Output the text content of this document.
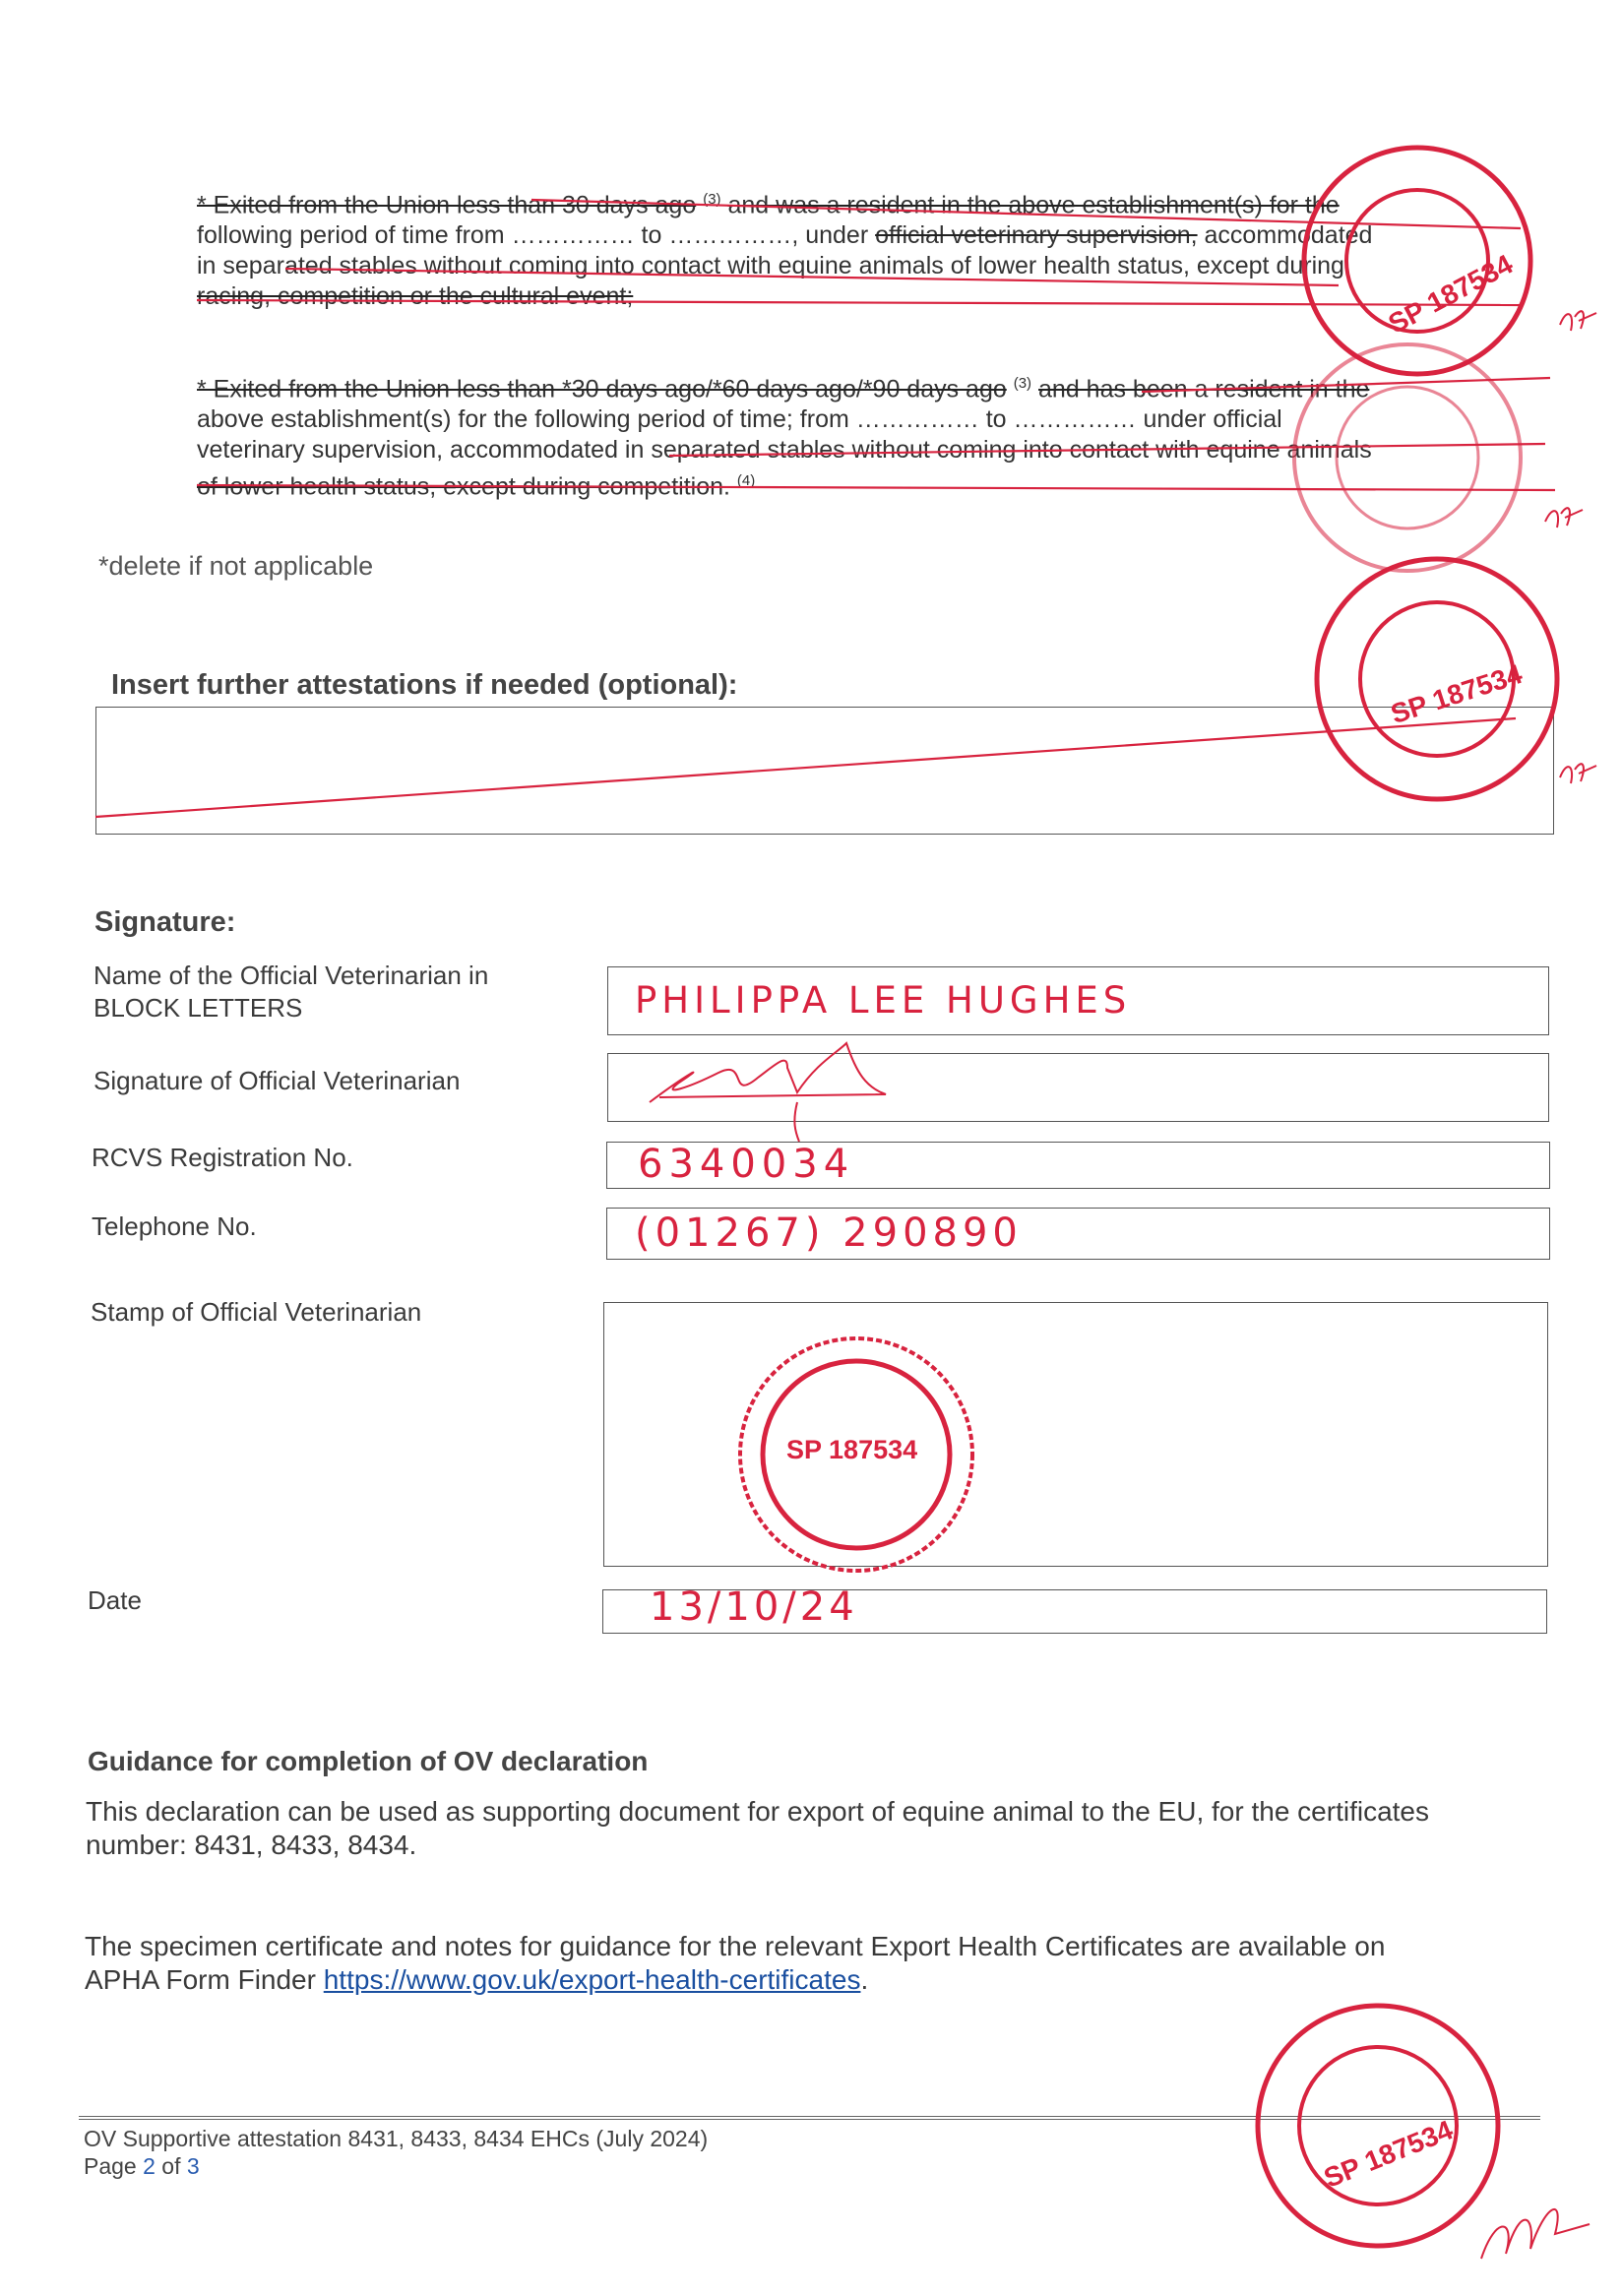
* Exited from the Union less than 30 days ago $^{(3)}$ and was a resident in the above establishment(s) for the
following period of time from …………… to ……………, under official veterinary supervision, accommodated
in separated stables without coming into contact with equine animals of lower health status, except during
racing, competition or the cultural event;
* Exited from the Union less than *30 days ago/*60 days ago/*90 days ago $^{(3)}$ and has been a resident in the
above establishment(s) for the following period of time; from …………… to …………… under official
veterinary supervision, accommodated in separated stables without coming into contact with equine animals
of lower health status, except during competition. $^{(4)}$
*delete if not applicable
Insert further attestations if needed (optional):
Signature:
Name of the Official Veterinarian in
BLOCK LETTERS	PHILIPPA LEE HUGHES
Signature of Official Veterinarian
RCVS Registration No.	6340034
Telephone No.	(01267) 290890
Stamp of Official Veterinarian
Date	13/10/24
Guidance for completion of OV declaration
This declaration can be used as supporting document for export of equine animal to the EU, for the certificates
number: 8431, 8433, 8434.
The specimen certificate and notes for guidance for the relevant Export Health Certificates are available on
APHA Form Finder https://www.gov.uk/export-health-certificates.
OV Supportive attestation 8431, 8433, 8434 EHCs (July 2024)
Page 2 of 3
SP 187534
SP 187534
SP 187534
SP 187534
